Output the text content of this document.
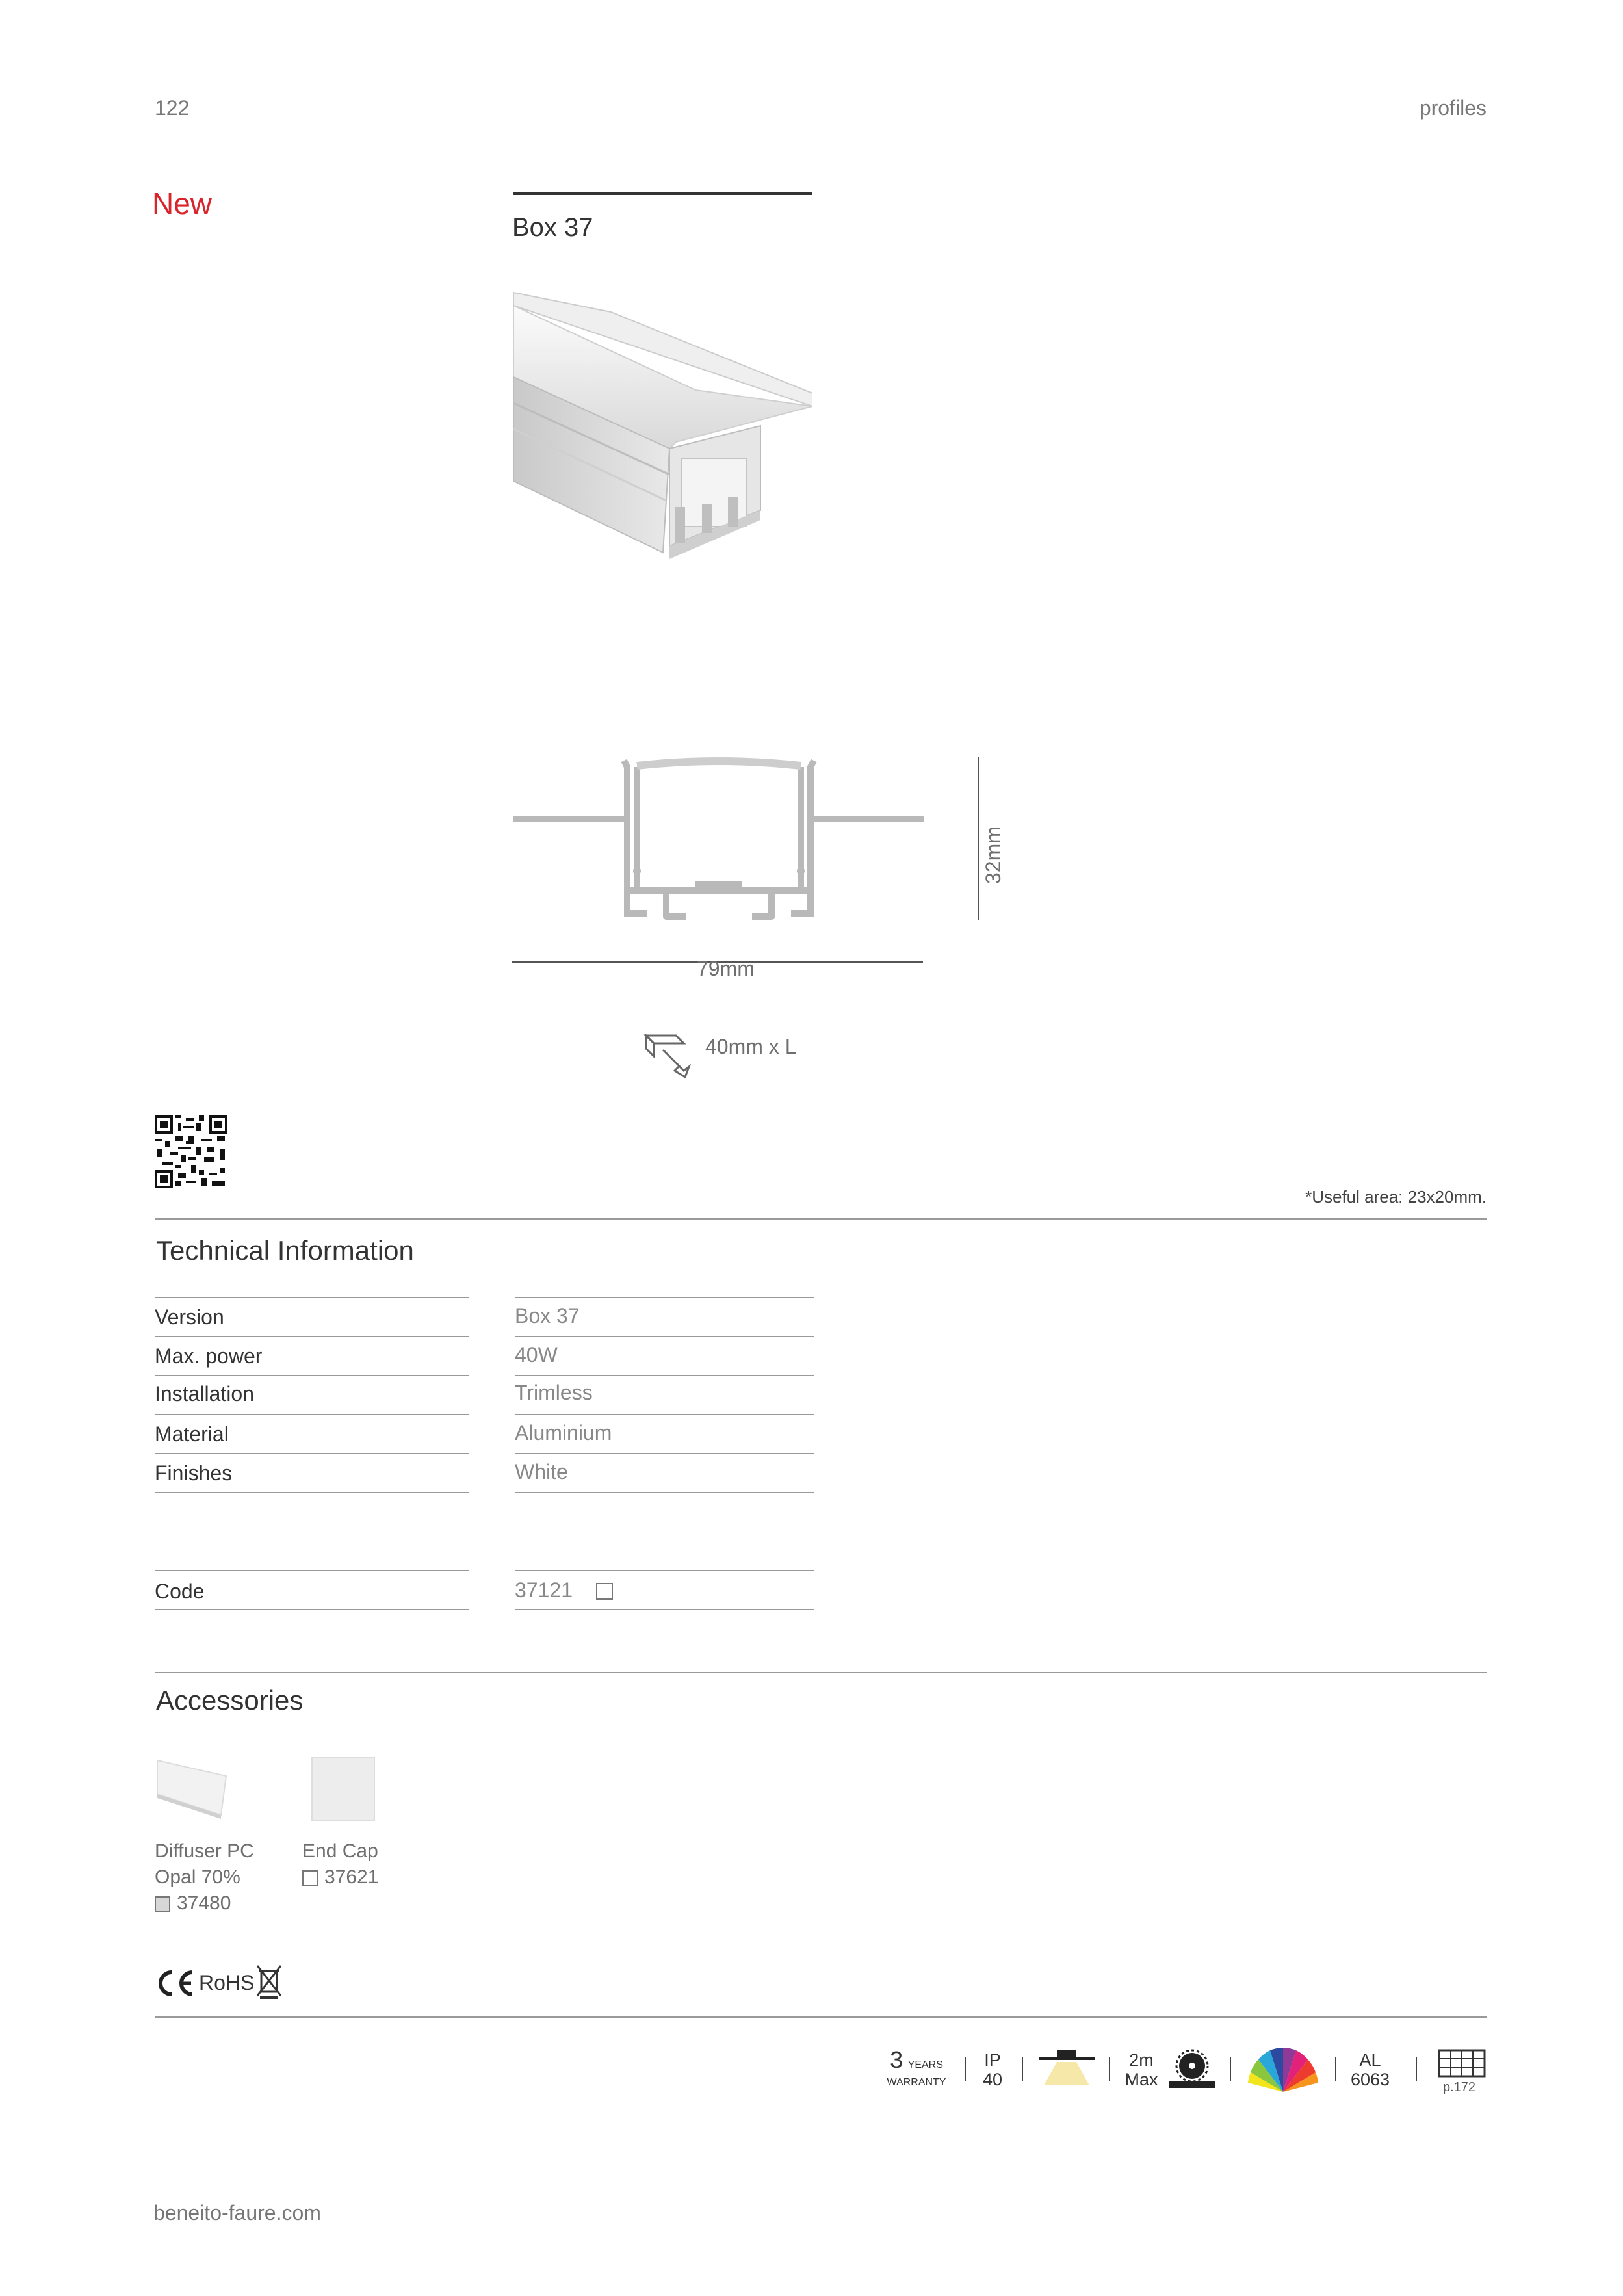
122	profiles
New
Box 37
79mm
32mm
40mm x L
*Useful area: 23x20mm.
Technical Information
Version	Box 37
Max. power	40W
Installation	Trimless
Material	Aluminium
Finishes	White
Code	37121
Accessories
Diffuser PC
Opal 70%
37480
End Cap
37621
RoHS
3 YEARS
WARRANTY
IP
40
2m
Max
AL
6063	p.172
beneito-faure.com
